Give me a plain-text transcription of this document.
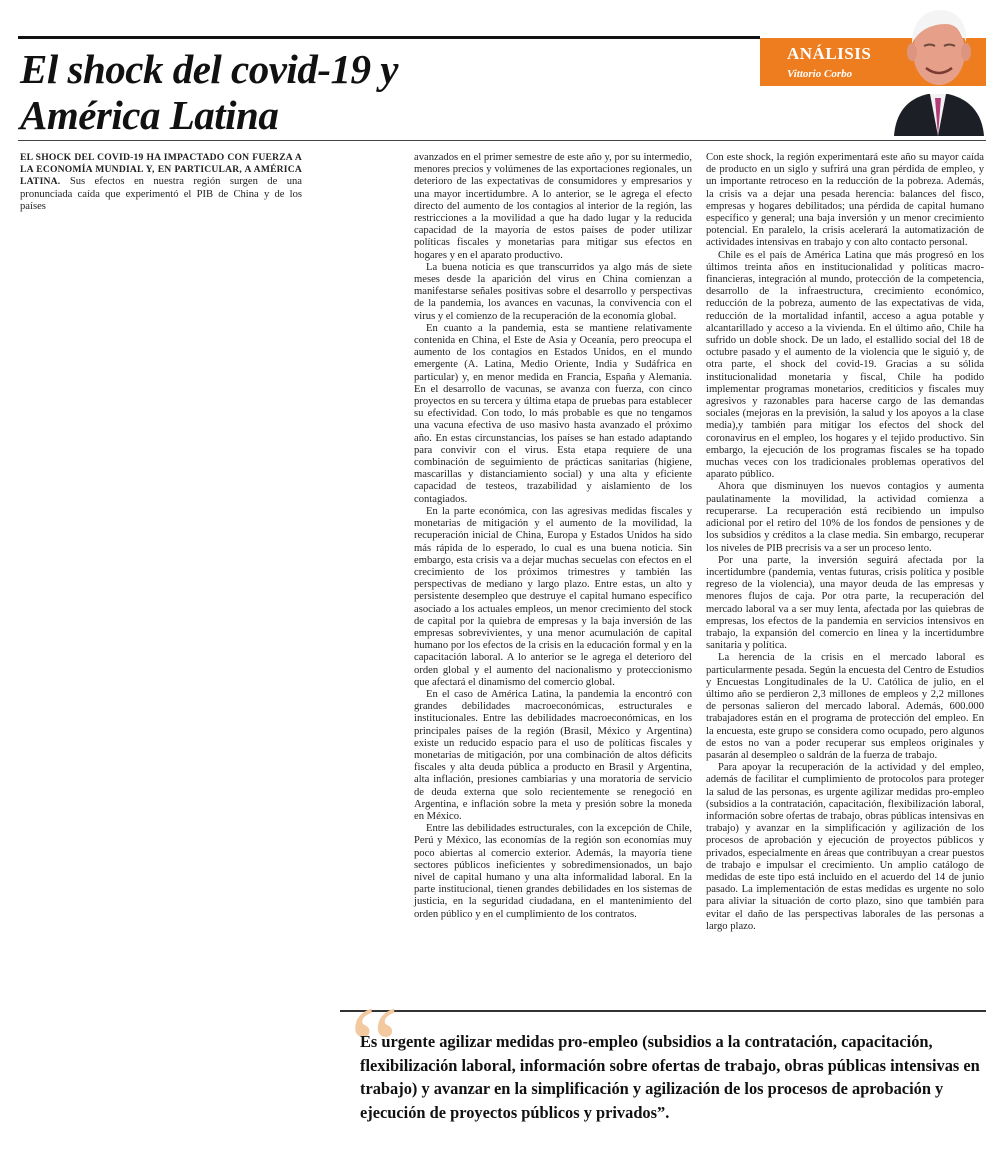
El shock del covid-19 y
América Latina
ANÁLISIS
Vittorio Corbo

EL SHOCK DEL COVID-19 HA IMPACTADO CON FUERZA A LA ECONOMÍA MUNDIAL Y, EN PARTICULAR, A AMÉRICA LATINA. Sus efectos en nuestra región surgen de una pronunciada caída que experimentó el PIB de China y de los países

avanzados en el primer semestre de este año y, por su intermedio, menores precios y volúmenes de las exportaciones regionales, un deterioro de las expectativas de consumidores y empresarios y una mayor incertidumbre. A lo anterior, se le agrega el efecto directo del aumento de los contagios al interior de la región, las restricciones a la movilidad a que ha dado lugar y la reducida capacidad de la mayoría de estos países de poder utilizar políticas fiscales y monetarias para mitigar sus efectos en hogares y en el aparato productivo.

La buena noticia es que transcurridos ya algo más de siete meses desde la aparición del virus en China comienzan a manifestarse señales positivas sobre el desarrollo y perspectivas de la pandemia, los avances en vacunas, la convivencia con el virus y el comienzo de la recuperación de la economía global.

En cuanto a la pandemia, esta se mantiene relativamente contenida en China, el Este de Asia y Oceanía, pero preocupa el aumento de los contagios en Estados Unidos, en el mundo emergente (A. Latina, Medio Oriente, India y Sudáfrica en particular) y, en menor medida en Francia, España y Alemania. En el desarrollo de vacunas, se avanza con fuerza, con cinco proyectos en su tercera y última etapa de pruebas para establecer su efectividad. Con todo, lo más probable es que no tengamos una vacuna efectiva de uso masivo hasta avanzado el próximo año. En estas circunstancias, los países se han estado adaptando para convivir con el virus. Esta etapa requiere de una combinación de seguimiento de prácticas sanitarias (higiene, mascarillas y distanciamiento social) y una alta y eficiente capacidad de testeos, trazabilidad y aislamiento de los contagiados.

En la parte económica, con las agresivas medidas fiscales y monetarias de mitigación y el aumento de la movilidad, la recuperación inicial de China, Europa y Estados Unidos ha sido más rápida de lo esperado, lo cual es una buena noticia. Sin embargo, esta crisis va a dejar muchas secuelas con efectos en el crecimiento de los próximos trimestres y también las perspectivas de mediano y largo plazo. Entre estas, un alto y persistente desempleo que destruye el capital humano específico asociado a los actuales empleos, un menor crecimiento del stock de capital por la quiebra de empresas y la baja inversión de las empresas sobrevivientes, y una menor acumulación de capital humano por los efectos de la crisis en la educación formal y en la capacitación laboral. A lo anterior se le agrega el deterioro del orden global y el aumento del nacionalismo y proteccionismo que afectará el dinamismo del comercio global.

En el caso de América Latina, la pandemia la encontró con grandes debilidades macroeconómicas, estructurales e institucionales. Entre las debilidades macroeconómicas, en los principales países de la región (Brasil, México y Argentina) existe un reducido espacio para el uso de políticas fiscales y monetarias de mitigación, por una combinación de altos déficits fiscales y alta deuda pública a producto en Brasil y Argentina, alta inflación, presiones cambiarias y una moratoria de servicio de deuda externa que solo recientemente se renegoció en Argentina, e inflación sobre la meta y presión sobre la moneda en México.

Entre las debilidades estructurales, con la excepción de Chile, Perú y México, las economías de la región son economías muy poco abiertas al comercio exterior. Además, la mayoría tiene sectores públicos ineficientes y sobredimensionados, un bajo nivel de capital humano y una alta informalidad laboral. En la parte institucional, tienen grandes debilidades en los sistemas de justicia, en la seguridad ciudadana, en el mantenimiento del orden público y en el cumplimiento de los contratos.

Con este shock, la región experimentará este año su mayor caída de producto en un siglo y sufrirá una gran pérdida de empleo, y un importante retroceso en la reducción de la pobreza. Además, la crisis va a dejar una pesada herencia: balances del fisco, empresas y hogares debilitados; una pérdida de capital humano específico y general; una baja inversión y un menor crecimiento potencial. En paralelo, la crisis acelerará la automatización de actividades intensivas en trabajo y con alto contacto personal.

Chile es el país de América Latina que más progresó en los últimos treinta años en institucionalidad y políticas macro-financieras, integración al mundo, protección de la competencia, desarrollo de la infraestructura, crecimiento económico, reducción de la pobreza, aumento de las expectativas de vida, reducción de la mortalidad infantil, acceso a agua potable y alcantarillado y acceso a la vivienda. En el último año, Chile ha sufrido un doble shock. De un lado, el estallido social del 18 de octubre pasado y el aumento de la violencia que le siguió y, de otra parte, el shock del covid-19. Gracias a su sólida institucionalidad monetaria y fiscal, Chile ha podido implementar programas monetarios, crediticios y fiscales muy agresivos y razonables para hacerse cargo de las demandas sociales (mejoras en la previsión, la salud y los apoyos a la clase media),y también para mitigar los efectos del shock del coronavirus en el empleo, los hogares y el tejido productivo. Sin embargo, la ejecución de los programas fiscales se ha topado muchas veces con los tradicionales problemas operativos del aparato público.

Ahora que disminuyen los nuevos contagios y aumenta paulatinamente la movilidad, la actividad comienza a recuperarse. La recuperación está recibiendo un impulso adicional por el retiro del 10% de los fondos de pensiones y de los subsidios y créditos a la clase media. Sin embargo, recuperar los niveles de PIB precrisis va a ser un proceso lento.

Por una parte, la inversión seguirá afectada por la incertidumbre (pandemia, ventas futuras, crisis política y posible regreso de la violencia), una mayor deuda de las empresas y menores flujos de caja. Por otra parte, la recuperación del mercado laboral va a ser muy lenta, afectada por las quiebras de empresas, los efectos de la pandemia en servicios intensivos en trabajo, la expansión del comercio en línea y la incertidumbre sanitaria y política.

La herencia de la crisis en el mercado laboral es particularmente pesada. Según la encuesta del Centro de Estudios y Encuestas Longitudinales de la U. Católica de julio, en el último año se perdieron 2,3 millones de empleos y 2,2 millones de personas salieron del mercado laboral. Además, 600.000 trabajadores están en el programa de protección del empleo. En la encuesta, este grupo se considera como ocupado, pero algunos de estos no van a poder recuperar sus empleos originales y pasarán al desempleo o saldrán de la fuerza de trabajo.

Para apoyar la recuperación de la actividad y del empleo, además de facilitar el cumplimiento de protocolos para proteger la salud de las personas, es urgente agilizar medidas pro-empleo (subsidios a la contratación, capacitación, flexibilización laboral, información sobre ofertas de trabajo, obras públicas intensivas en trabajo) y avanzar en la simplificación y agilización de los procesos de aprobación y ejecución de proyectos públicos y privados, especialmente en áreas que contribuyan a crear puestos de trabajo e impulsar el crecimiento. Un amplio catálogo de medidas de este tipo está incluido en el acuerdo del 14 de junio pasado. La implementación de estas medidas es urgente no solo para aliviar la situación de corto plazo, sino que también para evitar el daño de las perspectivas laborales de las personas a largo plazo.

“
Es urgente agilizar medidas pro-empleo (subsidios a la contratación, capacitación, flexibilización laboral, información sobre ofertas de trabajo, obras públicas intensivas en trabajo) y avanzar en la simplificación y agilización de los procesos de aprobación y ejecución de proyectos públicos y privados”.
